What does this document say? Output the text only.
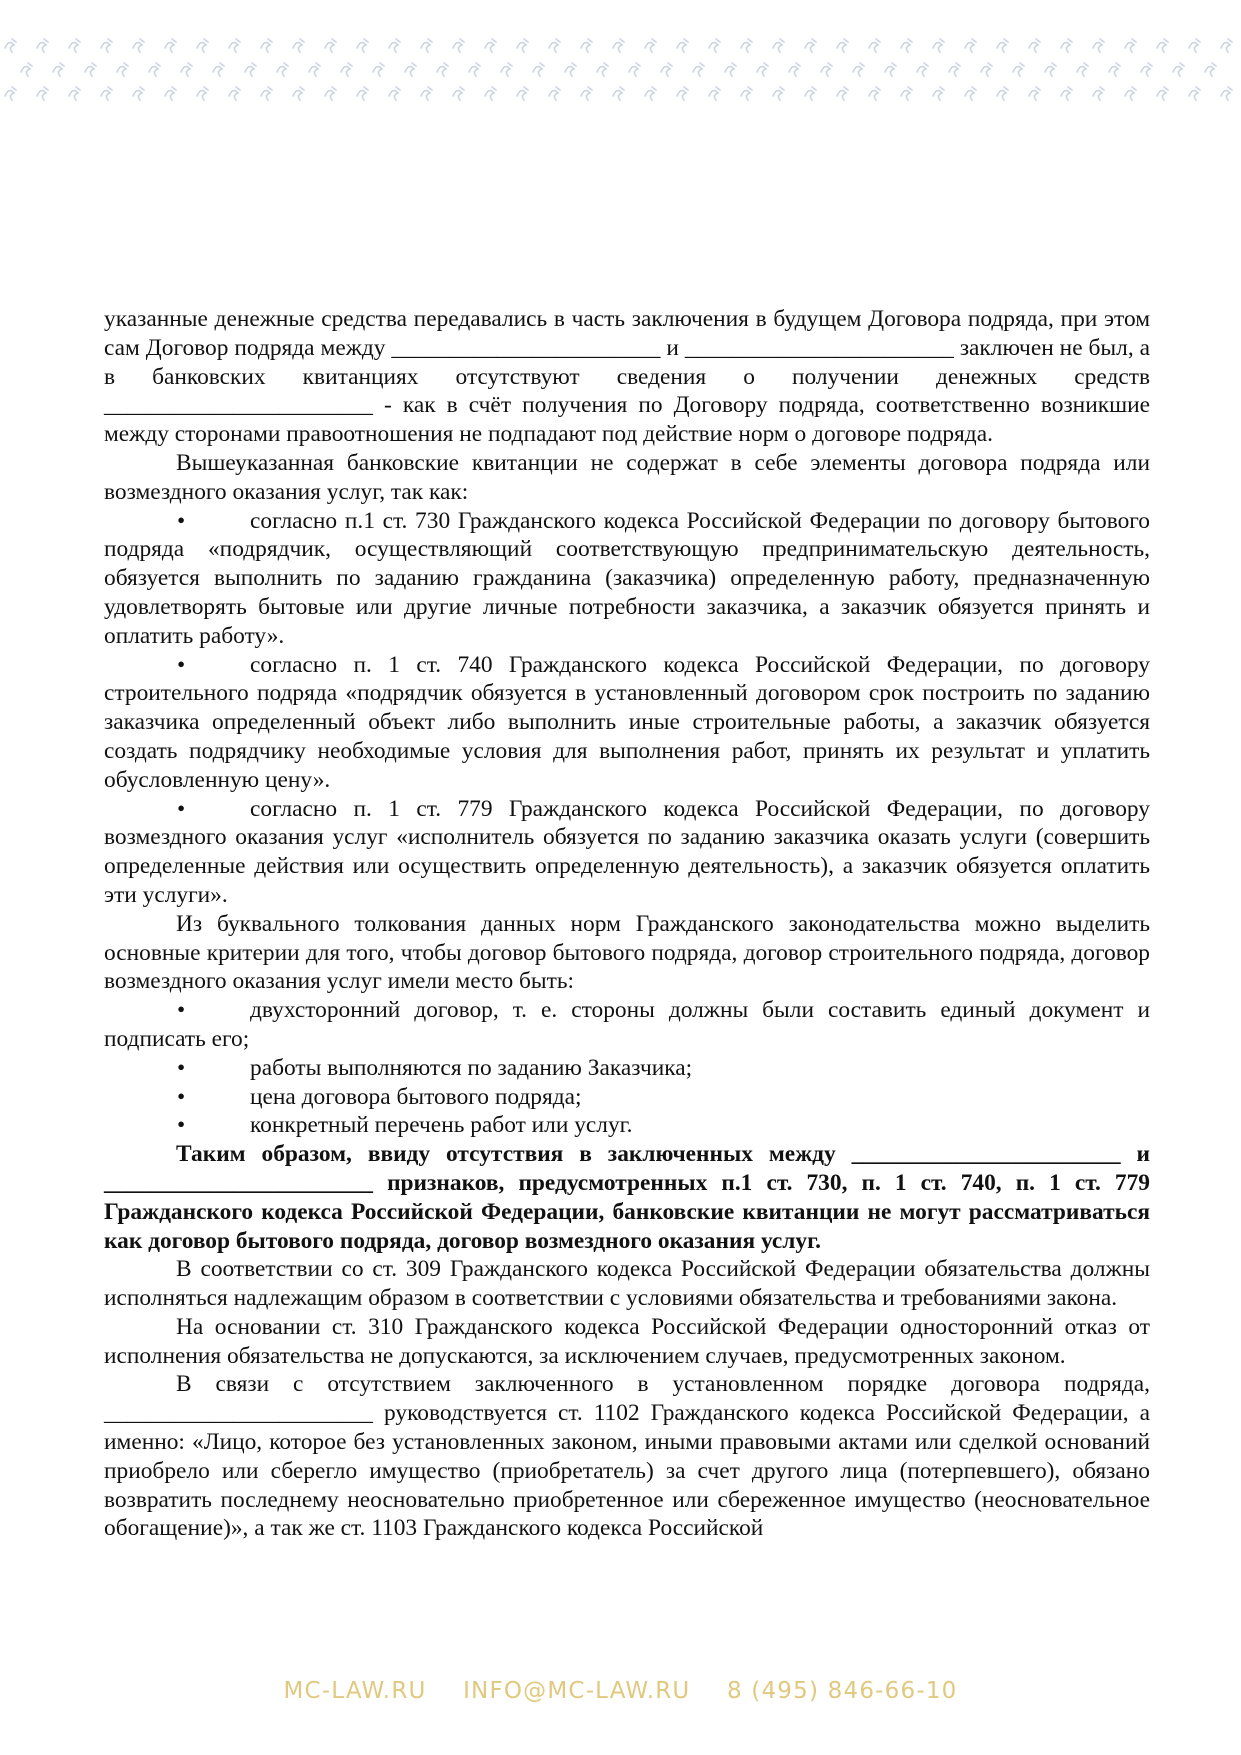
указанные денежные средства передавались в часть заключения в будущем Договора подряда, при этом сам Договор подряда между _______________________ и _______________________ заключен не был, а в банковских квитанциях отсутствуют сведения о получении денежных средств _______________________ - как в счёт получения по Договору подряда, соответственно возникшие между сторонами правоотношения не подпадают под действие норм о договоре подряда.

Вышеуказанная банковские квитанции не содержат в себе элементы договора подряда или возмездного оказания услуг, так как:

•	согласно п.1 ст. 730 Гражданского кодекса Российской Федерации по договору бытового подряда «подрядчик, осуществляющий соответствующую предпринимательскую деятельность, обязуется выполнить по заданию гражданина (заказчика) определенную работу, предназначенную удовлетворять бытовые или другие личные потребности заказчика, а заказчик обязуется принять и оплатить работу».

•	согласно п. 1 ст. 740 Гражданского кодекса Российской Федерации, по договору строительного подряда «подрядчик обязуется в установленный договором срок построить по заданию заказчика определенный объект либо выполнить иные строительные работы, а заказчик обязуется создать подрядчику необходимые условия для выполнения работ, принять их результат и уплатить обусловленную цену».

•	согласно п. 1 ст. 779 Гражданского кодекса Российской Федерации, по договору возмездного оказания услуг «исполнитель обязуется по заданию заказчика оказать услуги (совершить определенные действия или осуществить определенную деятельность), а заказчик обязуется оплатить эти услуги».

Из буквального толкования данных норм Гражданского законодательства можно выделить основные критерии для того, чтобы договор бытового подряда, договор строительного подряда, договор возмездного оказания услуг имели место быть:

•	двухсторонний договор, т. е. стороны должны были составить единый документ и подписать его;

•	работы выполняются по заданию Заказчика;

•	цена договора бытового подряда;

•	конкретный перечень работ или услуг.

Таким образом, ввиду отсутствия в заключенных между _______________________ и _______________________ признаков, предусмотренных п.1 ст. 730, п. 1 ст. 740, п. 1 ст. 779 Гражданского кодекса Российской Федерации, банковские квитанции не могут рассматриваться как договор бытового подряда, договор возмездного оказания услуг.

В соответствии со ст. 309 Гражданского кодекса Российской Федерации обязательства должны исполняться надлежащим образом в соответствии с условиями обязательства и требованиями закона.

На основании ст. 310 Гражданского кодекса Российской Федерации односторонний отказ от исполнения обязательства не допускаются, за исключением случаев, предусмотренных законом.

В связи с отсутствием заключенного в установленном порядке договора подряда, _______________________ руководствуется ст. 1102 Гражданского кодекса Российской Федерации, а именно: «Лицо, которое без установленных законом, иными правовыми актами или сделкой оснований приобрело или сберегло имущество (приобретатель) за счет другого лица (потерпевшего), обязано возвратить последнему неосновательно приобретенное или сбереженное имущество (неосновательное обогащение)», а так же ст. 1103 Гражданского кодекса Российской

MC-LAW.RU INFO@MC-LAW.RU 8 (495) 846-66-10
